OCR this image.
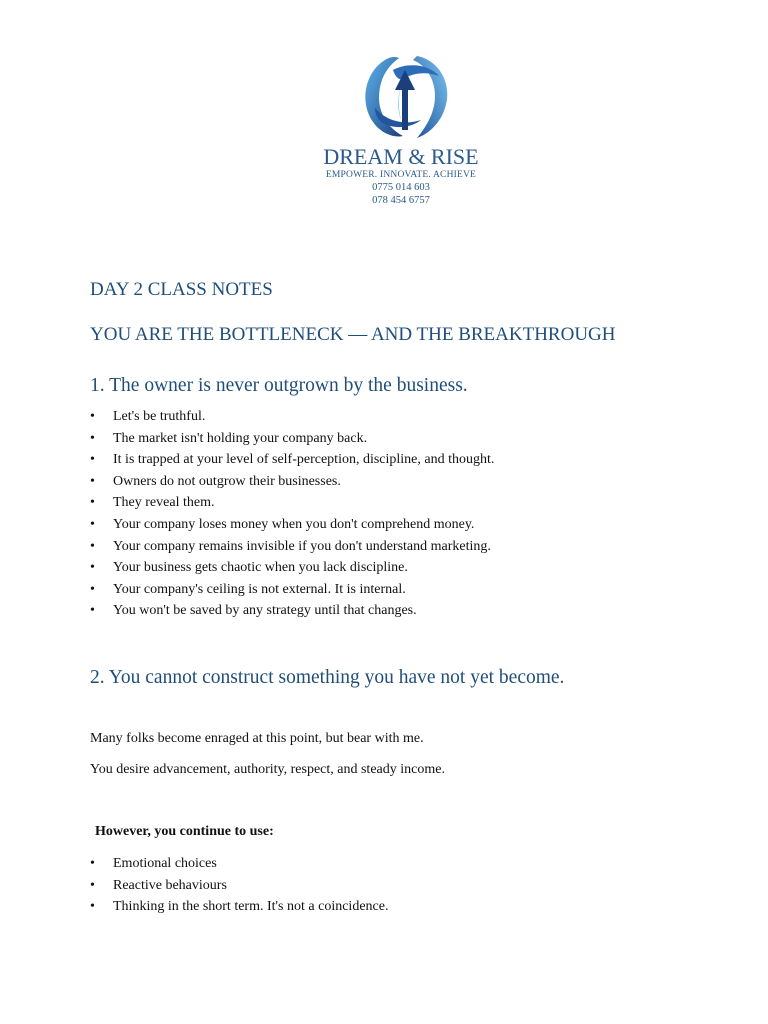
DREAM & RISE
EMPOWER. INNOVATE. ACHIEVE
0775 014 603
078 454 6757
DAY 2 CLASS NOTES
YOU ARE THE BOTTLENECK — AND THE BREAKTHROUGH
1. The owner is never outgrown by the business.
• Let's be truthful.
• The market isn't holding your company back.
• It is trapped at your level of self-perception, discipline, and thought.
• Owners do not outgrow their businesses.
• They reveal them.
• Your company loses money when you don't comprehend money.
• Your company remains invisible if you don't understand marketing.
• Your business gets chaotic when you lack discipline.
• Your company's ceiling is not external. It is internal.
• You won't be saved by any strategy until that changes.
2. You cannot construct something you have not yet become.
Many folks become enraged at this point, but bear with me.
You desire advancement, authority, respect, and steady income.
However, you continue to use:
• Emotional choices
• Reactive behaviours
• Thinking in the short term. It's not a coincidence.
